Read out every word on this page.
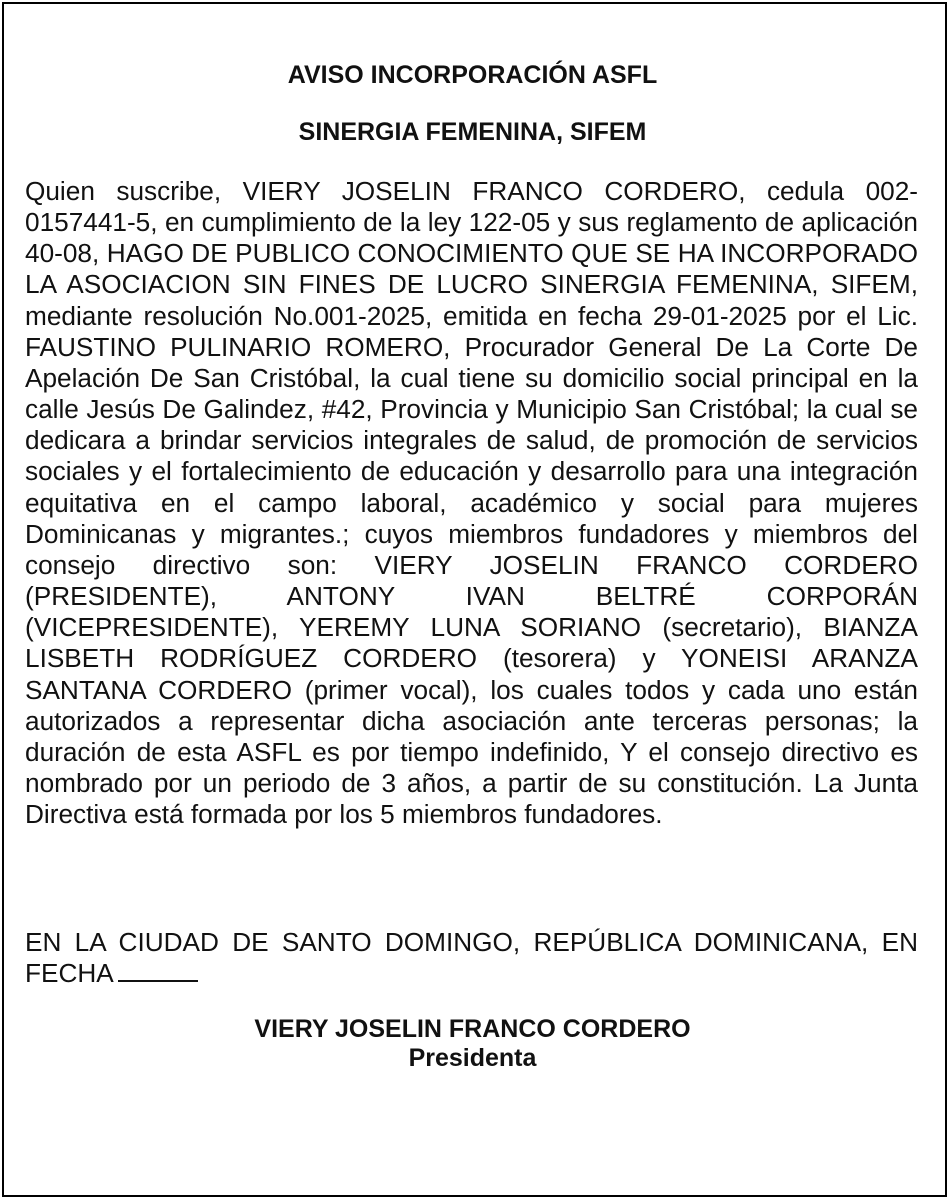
AVISO INCORPORACIÓN ASFL
SINERGIA FEMENINA, SIFEM

Quien suscribe, VIERY JOSELIN FRANCO CORDERO, cedula 002-0157441-5, en cumplimiento de la ley 122-05 y sus reglamento de aplicación 40-08, HAGO DE PUBLICO CONOCIMIENTO QUE SE HA INCORPORADO LA ASOCIACION SIN FINES DE LUCRO SINERGIA FEMENINA, SIFEM, mediante resolución No.001-2025, emitida en fecha 29-01-2025 por el Lic. FAUSTINO PULINARIO ROMERO, Procurador General De La Corte De Apelación De San Cristóbal, la cual tiene su domicilio social principal en la calle Jesús De Galindez, #42, Provincia y Municipio San Cristóbal; la cual se dedicara a brindar servicios integrales de salud, de promoción de servicios sociales y el fortalecimiento de educación y desarrollo para una integración equitativa en el campo laboral, académico y social para mujeres Dominicanas y migrantes.; cuyos miembros fundadores y miembros del consejo directivo son: VIERY JOSELIN FRANCO CORDERO (PRESIDENTE), ANTONY IVAN BELTRÉ CORPORÁN (VICEPRESIDENTE), YEREMY LUNA SORIANO (secretario), BIANZA LISBETH RODRÍGUEZ CORDERO (tesorera) y YONEISI ARANZA SANTANA CORDERO (primer vocal), los cuales todos y cada uno están autorizados a representar dicha asociación ante terceras personas; la duración de esta ASFL es por tiempo indefinido, Y el consejo directivo es nombrado por un periodo de 3 años, a partir de su constitución. La Junta Directiva está formada por los 5 miembros fundadores.

EN LA CIUDAD DE SANTO DOMINGO, REPÚBLICA DOMINICANA, EN FECHA

VIERY JOSELIN FRANCO CORDERO
Presidenta
